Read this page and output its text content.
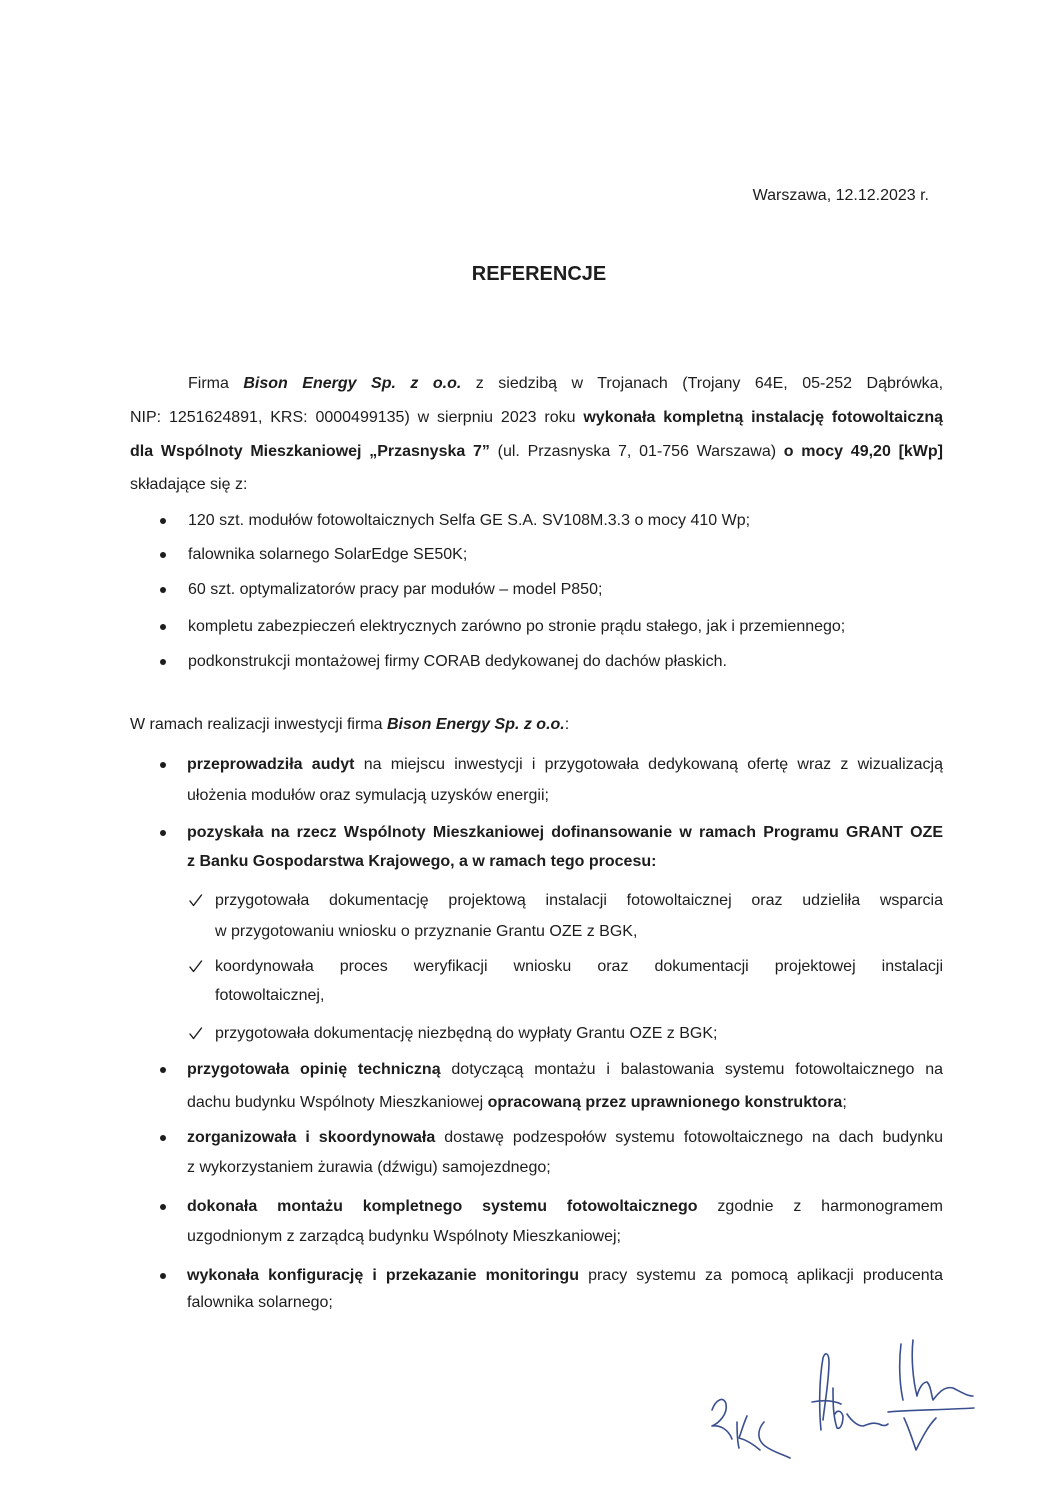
Warszawa, 12.12.2023 r.
REFERENCJE
Firma Bison Energy Sp. z o.o. z siedzibą w Trojanach (Trojany 64E, 05-252 Dąbrówka,
NIP: 1251624891, KRS: 0000499135) w sierpniu 2023 roku wykonała kompletną instalację fotowoltaiczną
dla Wspólnoty Mieszkaniowej „Przasnyska 7” (ul. Przasnyska 7, 01-756 Warszawa) o mocy 49,20 [kWp]
składające się z:
120 szt. modułów fotowoltaicznych Selfa GE S.A. SV108M.3.3 o mocy 410 Wp;
falownika solarnego SolarEdge SE50K;
60 szt. optymalizatorów pracy par modułów – model P850;
kompletu zabezpieczeń elektrycznych zarówno po stronie prądu stałego, jak i przemiennego;
podkonstrukcji montażowej firmy CORAB dedykowanej do dachów płaskich.
W ramach realizacji inwestycji firma Bison Energy Sp. z o.o.:
przeprowadziła audyt na miejscu inwestycji i przygotowała dedykowaną ofertę wraz z wizualizacją
ułożenia modułów oraz symulacją uzysków energii;
pozyskała na rzecz Wspólnoty Mieszkaniowej dofinansowanie w ramach Programu GRANT OZE
z Banku Gospodarstwa Krajowego, a w ramach tego procesu:
przygotowała dokumentację projektową instalacji fotowoltaicznej oraz udzieliła wsparcia
w przygotowaniu wniosku o przyznanie Grantu OZE z BGK,
koordynowała proces weryfikacji wniosku oraz dokumentacji projektowej instalacji
fotowoltaicznej,
przygotowała dokumentację niezbędną do wypłaty Grantu OZE z BGK;
przygotowała opinię techniczną dotyczącą montażu i balastowania systemu fotowoltaicznego na
dachu budynku Wspólnoty Mieszkaniowej opracowaną przez uprawnionego konstruktora;
zorganizowała i skoordynowała dostawę podzespołów systemu fotowoltaicznego na dach budynku
z wykorzystaniem żurawia (dźwigu) samojezdnego;
dokonała montażu kompletnego systemu fotowoltaicznego zgodnie z harmonogramem
uzgodnionym z zarządcą budynku Wspólnoty Mieszkaniowej;
wykonała konfigurację i przekazanie monitoringu pracy systemu za pomocą aplikacji producenta
falownika solarnego;
